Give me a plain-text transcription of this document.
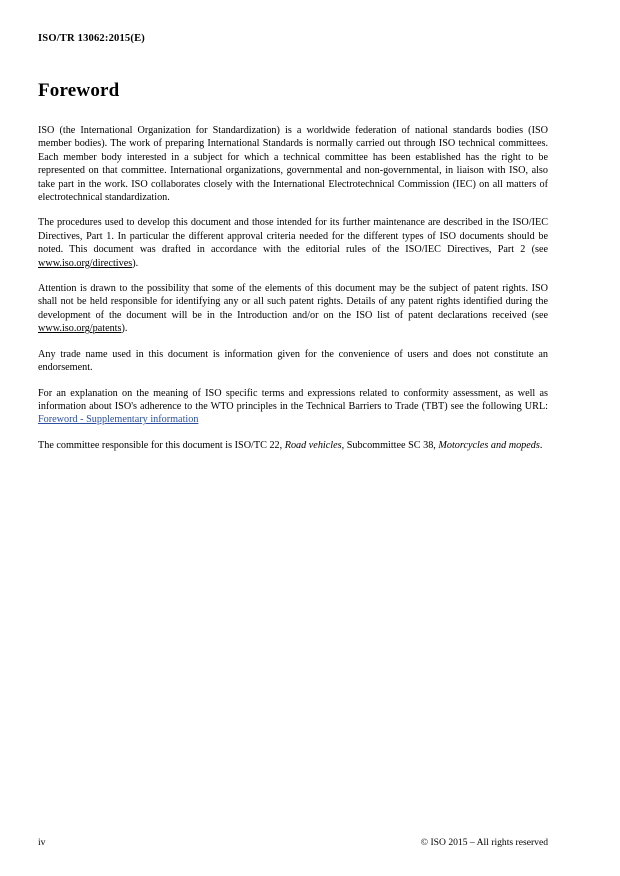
ISO/TR 13062:2015(E)
Foreword

ISO (the International Organization for Standardization) is a worldwide federation of national standards bodies (ISO member bodies). The work of preparing International Standards is normally carried out through ISO technical committees. Each member body interested in a subject for which a technical committee has been established has the right to be represented on that committee. International organizations, governmental and non-governmental, in liaison with ISO, also take part in the work. ISO collaborates closely with the International Electrotechnical Commission (IEC) on all matters of electrotechnical standardization.

The procedures used to develop this document and those intended for its further maintenance are described in the ISO/IEC Directives, Part 1. In particular the different approval criteria needed for the different types of ISO documents should be noted. This document was drafted in accordance with the editorial rules of the ISO/IEC Directives, Part 2 (see www.iso.org/directives).

Attention is drawn to the possibility that some of the elements of this document may be the subject of patent rights. ISO shall not be held responsible for identifying any or all such patent rights. Details of any patent rights identified during the development of the document will be in the Introduction and/or on the ISO list of patent declarations received (see www.iso.org/patents).

Any trade name used in this document is information given for the convenience of users and does not constitute an endorsement.

For an explanation on the meaning of ISO specific terms and expressions related to conformity assessment, as well as information about ISO's adherence to the WTO principles in the Technical Barriers to Trade (TBT) see the following URL: Foreword - Supplementary information

The committee responsible for this document is ISO/TC 22, Road vehicles, Subcommittee SC 38, Motorcycles and mopeds.

iv	© ISO 2015 – All rights reserved
